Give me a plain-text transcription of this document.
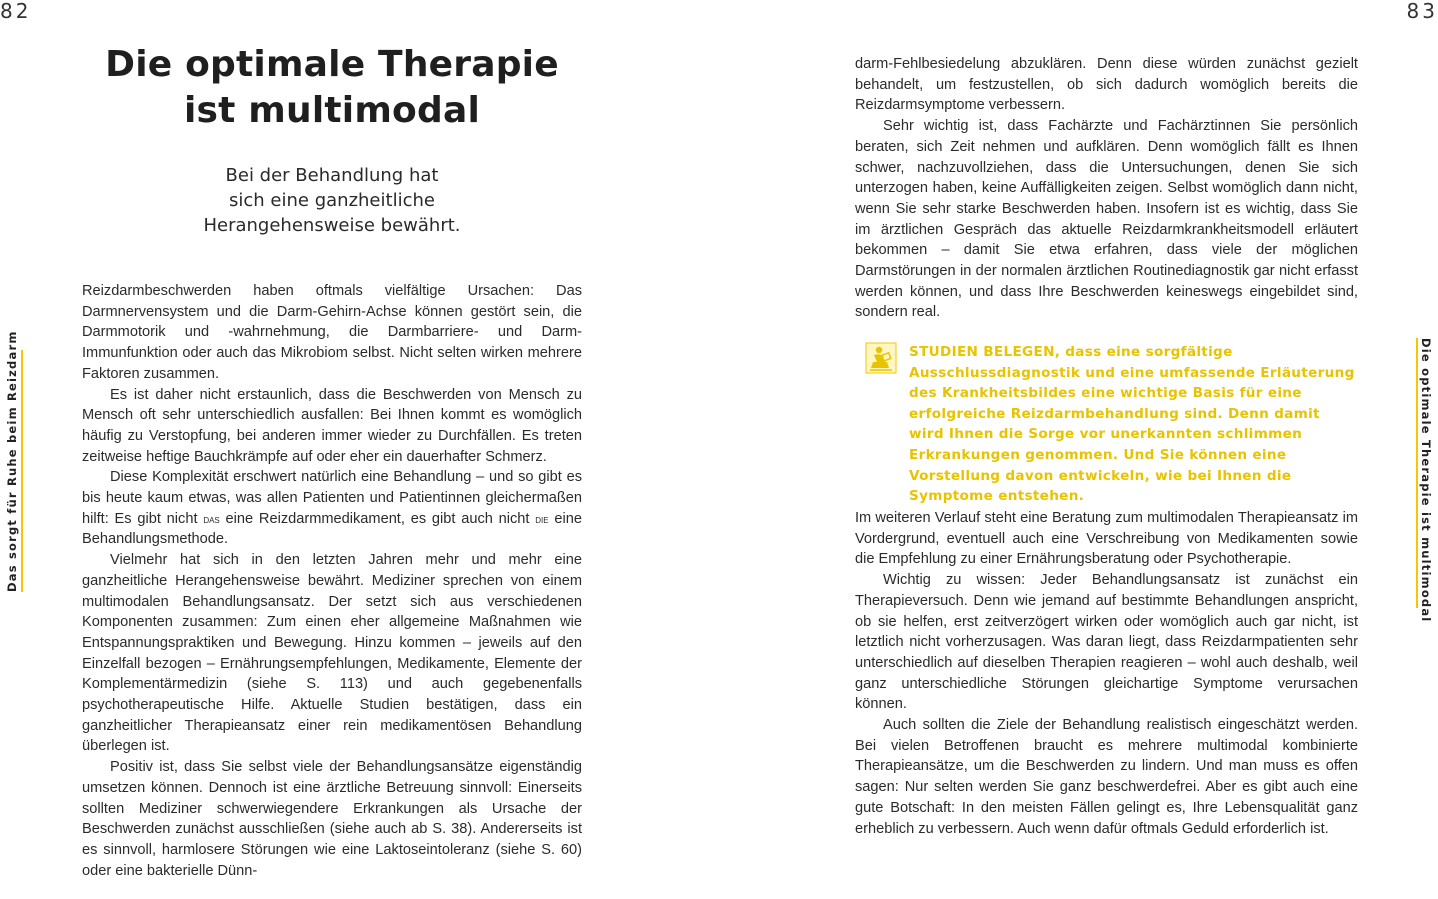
82	83
Das sorgt für Ruhe beim Reizdarm	Die optimale Therapie ist multimodal
Die optimale Therapie
ist multimodal
Bei der Behandlung hat
sich eine ganzheitliche
Herangehensweise bewährt.

Reizdarmbeschwerden haben oftmals vielfältige Ursachen: Das Darmnervensystem und die Darm-Gehirn-Achse können gestört sein, die Darmmotorik und -wahrnehmung, die Darmbarriere- und Darm-Immunfunktion oder auch das Mikrobiom selbst. Nicht selten wirken mehrere Faktoren zusammen.

Es ist daher nicht erstaunlich, dass die Beschwerden von Mensch zu Mensch oft sehr unterschiedlich ausfallen: Bei Ihnen kommt es womöglich häufig zu Verstopfung, bei anderen immer wieder zu Durchfällen. Es treten zeitweise heftige Bauchkrämpfe auf oder eher ein dauerhafter Schmerz.

Diese Komplexität erschwert natürlich eine Behandlung – und so gibt es bis heute kaum etwas, was allen Patienten und Patientinnen gleichermaßen hilft: Es gibt nicht das eine Reizdarmmedikament, es gibt auch nicht die eine Behandlungsmethode.

Vielmehr hat sich in den letzten Jahren mehr und mehr eine ganzheitliche Herangehensweise bewährt. Mediziner sprechen von einem multimodalen Behandlungsansatz. Der setzt sich aus verschiedenen Komponenten zusammen: Zum einen eher allgemeine Maßnahmen wie Entspannungspraktiken und Bewegung. Hinzu kommen – jeweils auf den Einzelfall bezogen – Ernährungsempfehlungen, Medikamente, Elemente der Komplementärmedizin (siehe S. 113) und auch gegebenenfalls psychotherapeutische Hilfe. Aktuelle Studien bestätigen, dass ein ganzheitlicher Therapieansatz einer rein medikamentösen Behandlung überlegen ist.

Positiv ist, dass Sie selbst viele der Behandlungsansätze eigenständig umsetzen können. Dennoch ist eine ärztliche Betreuung sinnvoll: Einerseits sollten Mediziner schwerwiegendere Erkrankungen als Ursache der Beschwerden zunächst ausschließen (siehe auch ab S. 38). Andererseits ist es sinnvoll, harmlosere Störungen wie eine Laktoseintoleranz (siehe S. 60) oder eine bakterielle Dünn-

darm-Fehlbesiedelung abzuklären. Denn diese würden zunächst gezielt behandelt, um festzustellen, ob sich dadurch womöglich bereits die Reizdarmsymptome verbessern.

Sehr wichtig ist, dass Fachärzte und Fachärztinnen Sie persönlich beraten, sich Zeit nehmen und aufklären. Denn womöglich fällt es Ihnen schwer, nachzuvollziehen, dass die Untersuchungen, denen Sie sich unterzogen haben, keine Auffälligkeiten zeigen. Selbst womöglich dann nicht, wenn Sie sehr starke Beschwerden haben. Insofern ist es wichtig, dass Sie im ärztlichen Gespräch das aktuelle Reizdarmkrankheitsmodell erläutert bekommen – damit Sie etwa erfahren, dass viele der möglichen Darmstörungen in der normalen ärztlichen Routinediagnostik gar nicht erfasst werden können, und dass Ihre Beschwerden keineswegs eingebildet sind, sondern real.

STUDIEN BELEGEN, dass eine sorgfältige Ausschlussdiagnostik und eine umfassende Erläuterung des Krankheitsbildes eine wichtige Basis für eine erfolgreiche Reizdarmbehandlung sind. Denn damit wird Ihnen die Sorge vor unerkannten schlimmen Erkrankungen genommen. Und Sie können eine Vorstellung davon entwickeln, wie bei Ihnen die Symptome entstehen.

Im weiteren Verlauf steht eine Beratung zum multimodalen Therapieansatz im Vordergrund, eventuell auch eine Verschreibung von Medikamenten sowie die Empfehlung zu einer Ernährungsberatung oder Psychotherapie.

Wichtig zu wissen: Jeder Behandlungsansatz ist zunächst ein Therapieversuch. Denn wie jemand auf bestimmte Behandlungen anspricht, ob sie helfen, erst zeitverzögert wirken oder womöglich auch gar nicht, ist letztlich nicht vorherzusagen. Was daran liegt, dass Reizdarmpatienten sehr unterschiedlich auf dieselben Therapien reagieren – wohl auch deshalb, weil ganz unterschiedliche Störungen gleichartige Symptome verursachen können.

Auch sollten die Ziele der Behandlung realistisch eingeschätzt werden. Bei vielen Betroffenen braucht es mehrere multimodal kombinierte Therapieansätze, um die Beschwerden zu lindern. Und man muss es offen sagen: Nur selten werden Sie ganz beschwerdefrei. Aber es gibt auch eine gute Botschaft: In den meisten Fällen gelingt es, Ihre Lebensqualität ganz erheblich zu verbessern. Auch wenn dafür oftmals Geduld erforderlich ist.
